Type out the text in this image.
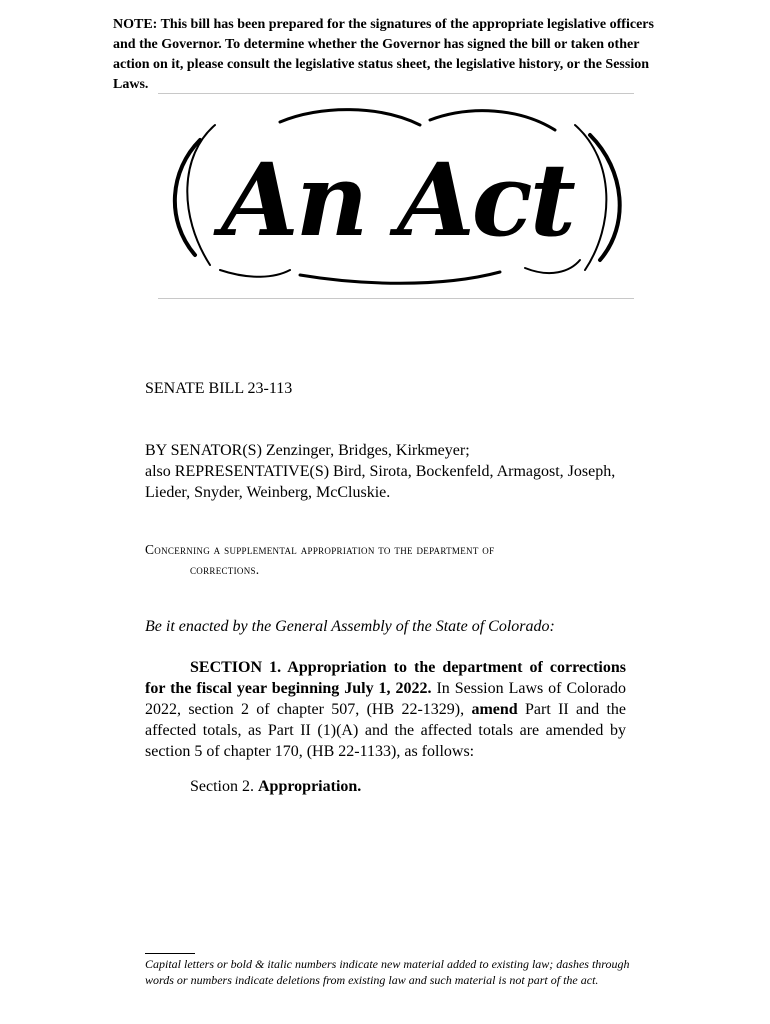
NOTE: This bill has been prepared for the signatures of the appropriate legislative officers and the Governor. To determine whether the Governor has signed the bill or taken other action on it, please consult the legislative status sheet, the legislative history, or the Session Laws.
An Act
SENATE BILL 23-113
BY SENATOR(S) Zenzinger, Bridges, Kirkmeyer;
also REPRESENTATIVE(S) Bird, Sirota, Bockenfeld, Armagost, Joseph, Lieder, Snyder, Weinberg, McCluskie.
Concerning a supplemental appropriation to the department of
corrections.
Be it enacted by the General Assembly of the State of Colorado:
SECTION 1. Appropriation to the department of corrections for the fiscal year beginning July 1, 2022. In Session Laws of Colorado 2022, section 2 of chapter 507, (HB 22-1329), amend Part II and the affected totals, as Part II (1)(A) and the affected totals are amended by section 5 of chapter 170, (HB 22-1133), as follows:
Section 2. Appropriation.
Capital letters or bold & italic numbers indicate new material added to existing law; dashes through words or numbers indicate deletions from existing law and such material is not part of the act.
